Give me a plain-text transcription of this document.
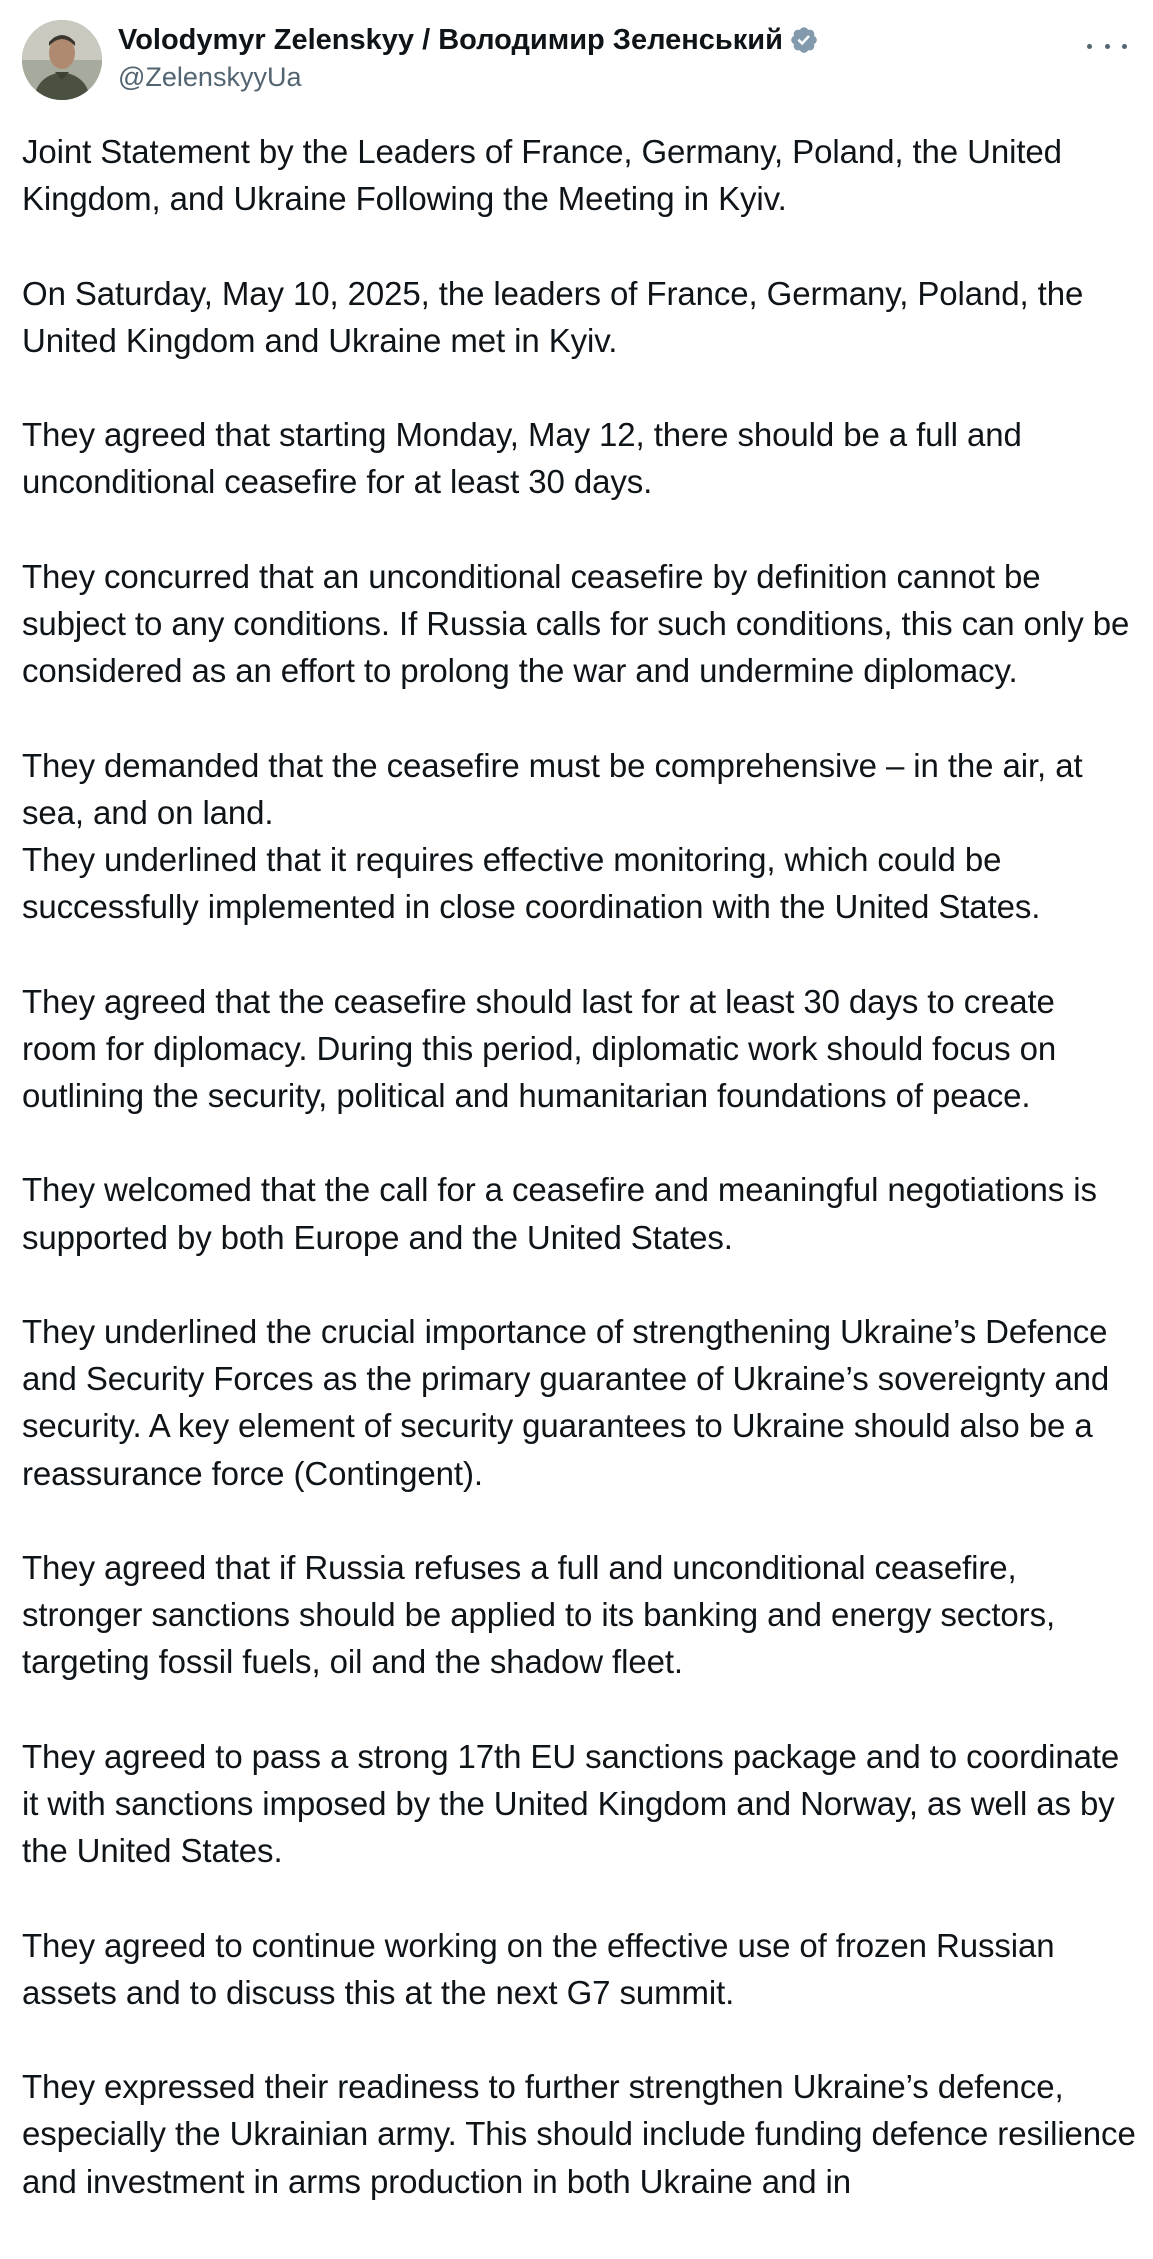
Volodymyr Zelenskyy / Володимир Зеленський
@ZelenskyyUa

Joint Statement by the Leaders of France, Germany, Poland, the United Kingdom, and Ukraine Following the Meeting in Kyiv.

On Saturday, May 10, 2025, the leaders of France, Germany, Poland, the United Kingdom and Ukraine met in Kyiv.

They agreed that starting Monday, May 12, there should be a full and unconditional ceasefire for at least 30 days.

They concurred that an unconditional ceasefire by definition cannot be subject to any conditions. If Russia calls for such conditions, this can only be considered as an effort to prolong the war and undermine diplomacy.

They demanded that the ceasefire must be comprehensive – in the air, at sea, and on land.

They underlined that it requires effective monitoring, which could be successfully implemented in close coordination with the United States.

They agreed that the ceasefire should last for at least 30 days to create room for diplomacy. During this period, diplomatic work should focus on outlining the security, political and humanitarian foundations of peace.

They welcomed that the call for a ceasefire and meaningful negotiations is supported by both Europe and the United States.

They underlined the crucial importance of strengthening Ukraine’s Defence and Security Forces as the primary guarantee of Ukraine’s sovereignty and security. A key element of security guarantees to Ukraine should also be a reassurance force (Contingent).

They agreed that if Russia refuses a full and unconditional ceasefire, stronger sanctions should be applied to its banking and energy sectors, targeting fossil fuels, oil and the shadow fleet.

They agreed to pass a strong 17th EU sanctions package and to coordinate it with sanctions imposed by the United Kingdom and Norway, as well as by the United States.

They agreed to continue working on the effective use of frozen Russian assets and to discuss this at the next G7 summit.

They expressed their readiness to further strengthen Ukraine’s defence, especially the Ukrainian army. This should include funding defence resilience and investment in arms production in both Ukraine and in
